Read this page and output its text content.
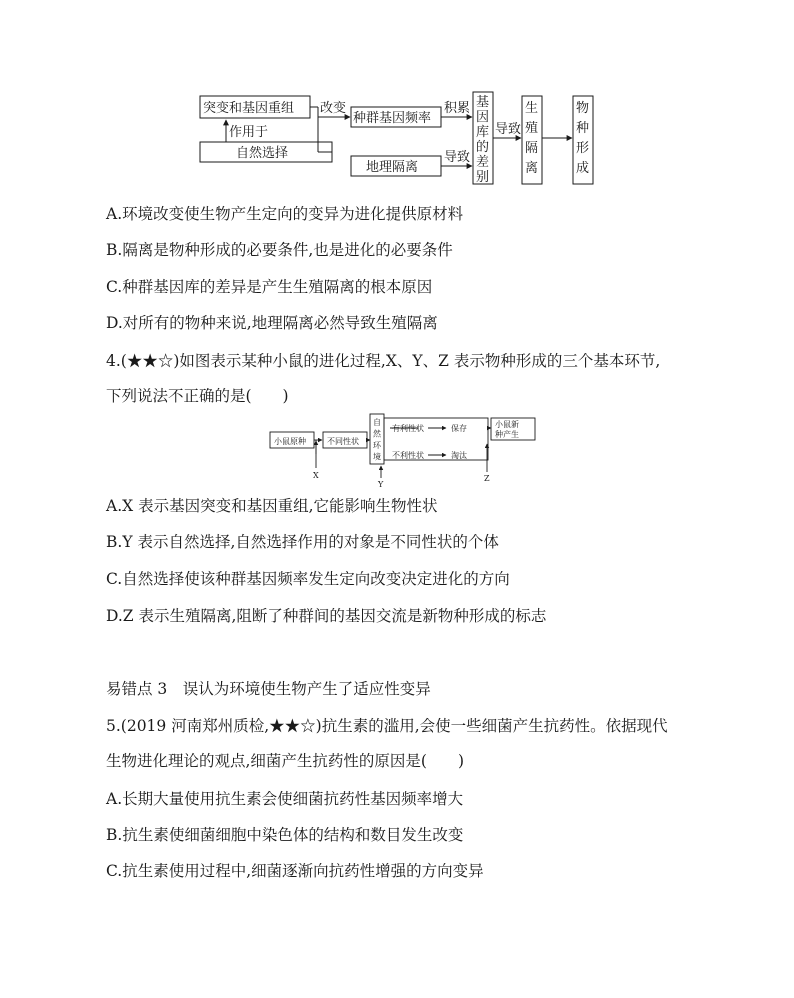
突变和基因重组
作用于
自然选择
改变
种群基因频率
积累
地理隔离
导致
导致
基
因
库
的
差
别
生
殖
隔
离
物
种
形
成
A.环境改变使生物产生定向的变异为进化提供原材料
B.隔离是物种形成的必要条件,也是进化的必要条件
C.种群基因库的差异是产生生殖隔离的根本原因
D.对所有的物种来说,地理隔离必然导致生殖隔离
4.(★★☆)如图表示某种小鼠的进化过程,X、Y、Z 表示物种形成的三个基本环节,
下列说法不正确的是(　　)
小鼠原种	不同性状
自
然
环
境
有利性状	保存
不利性状	淘汰
小鼠新
种产生
X
Y
Z
A.X 表示基因突变和基因重组,它能影响生物性状
B.Y 表示自然选择,自然选择作用的对象是不同性状的个体
C.自然选择使该种群基因频率发生定向改变决定进化的方向
D.Z 表示生殖隔离,阻断了种群间的基因交流是新物种形成的标志
易错点 3　误认为环境使生物产生了适应性变异
5.(2019 河南郑州质检,★★☆)抗生素的滥用,会使一些细菌产生抗药性。依据现代
生物进化理论的观点,细菌产生抗药性的原因是(　　)
A.长期大量使用抗生素会使细菌抗药性基因频率增大
B.抗生素使细菌细胞中染色体的结构和数目发生改变
C.抗生素使用过程中,细菌逐渐向抗药性增强的方向变异
